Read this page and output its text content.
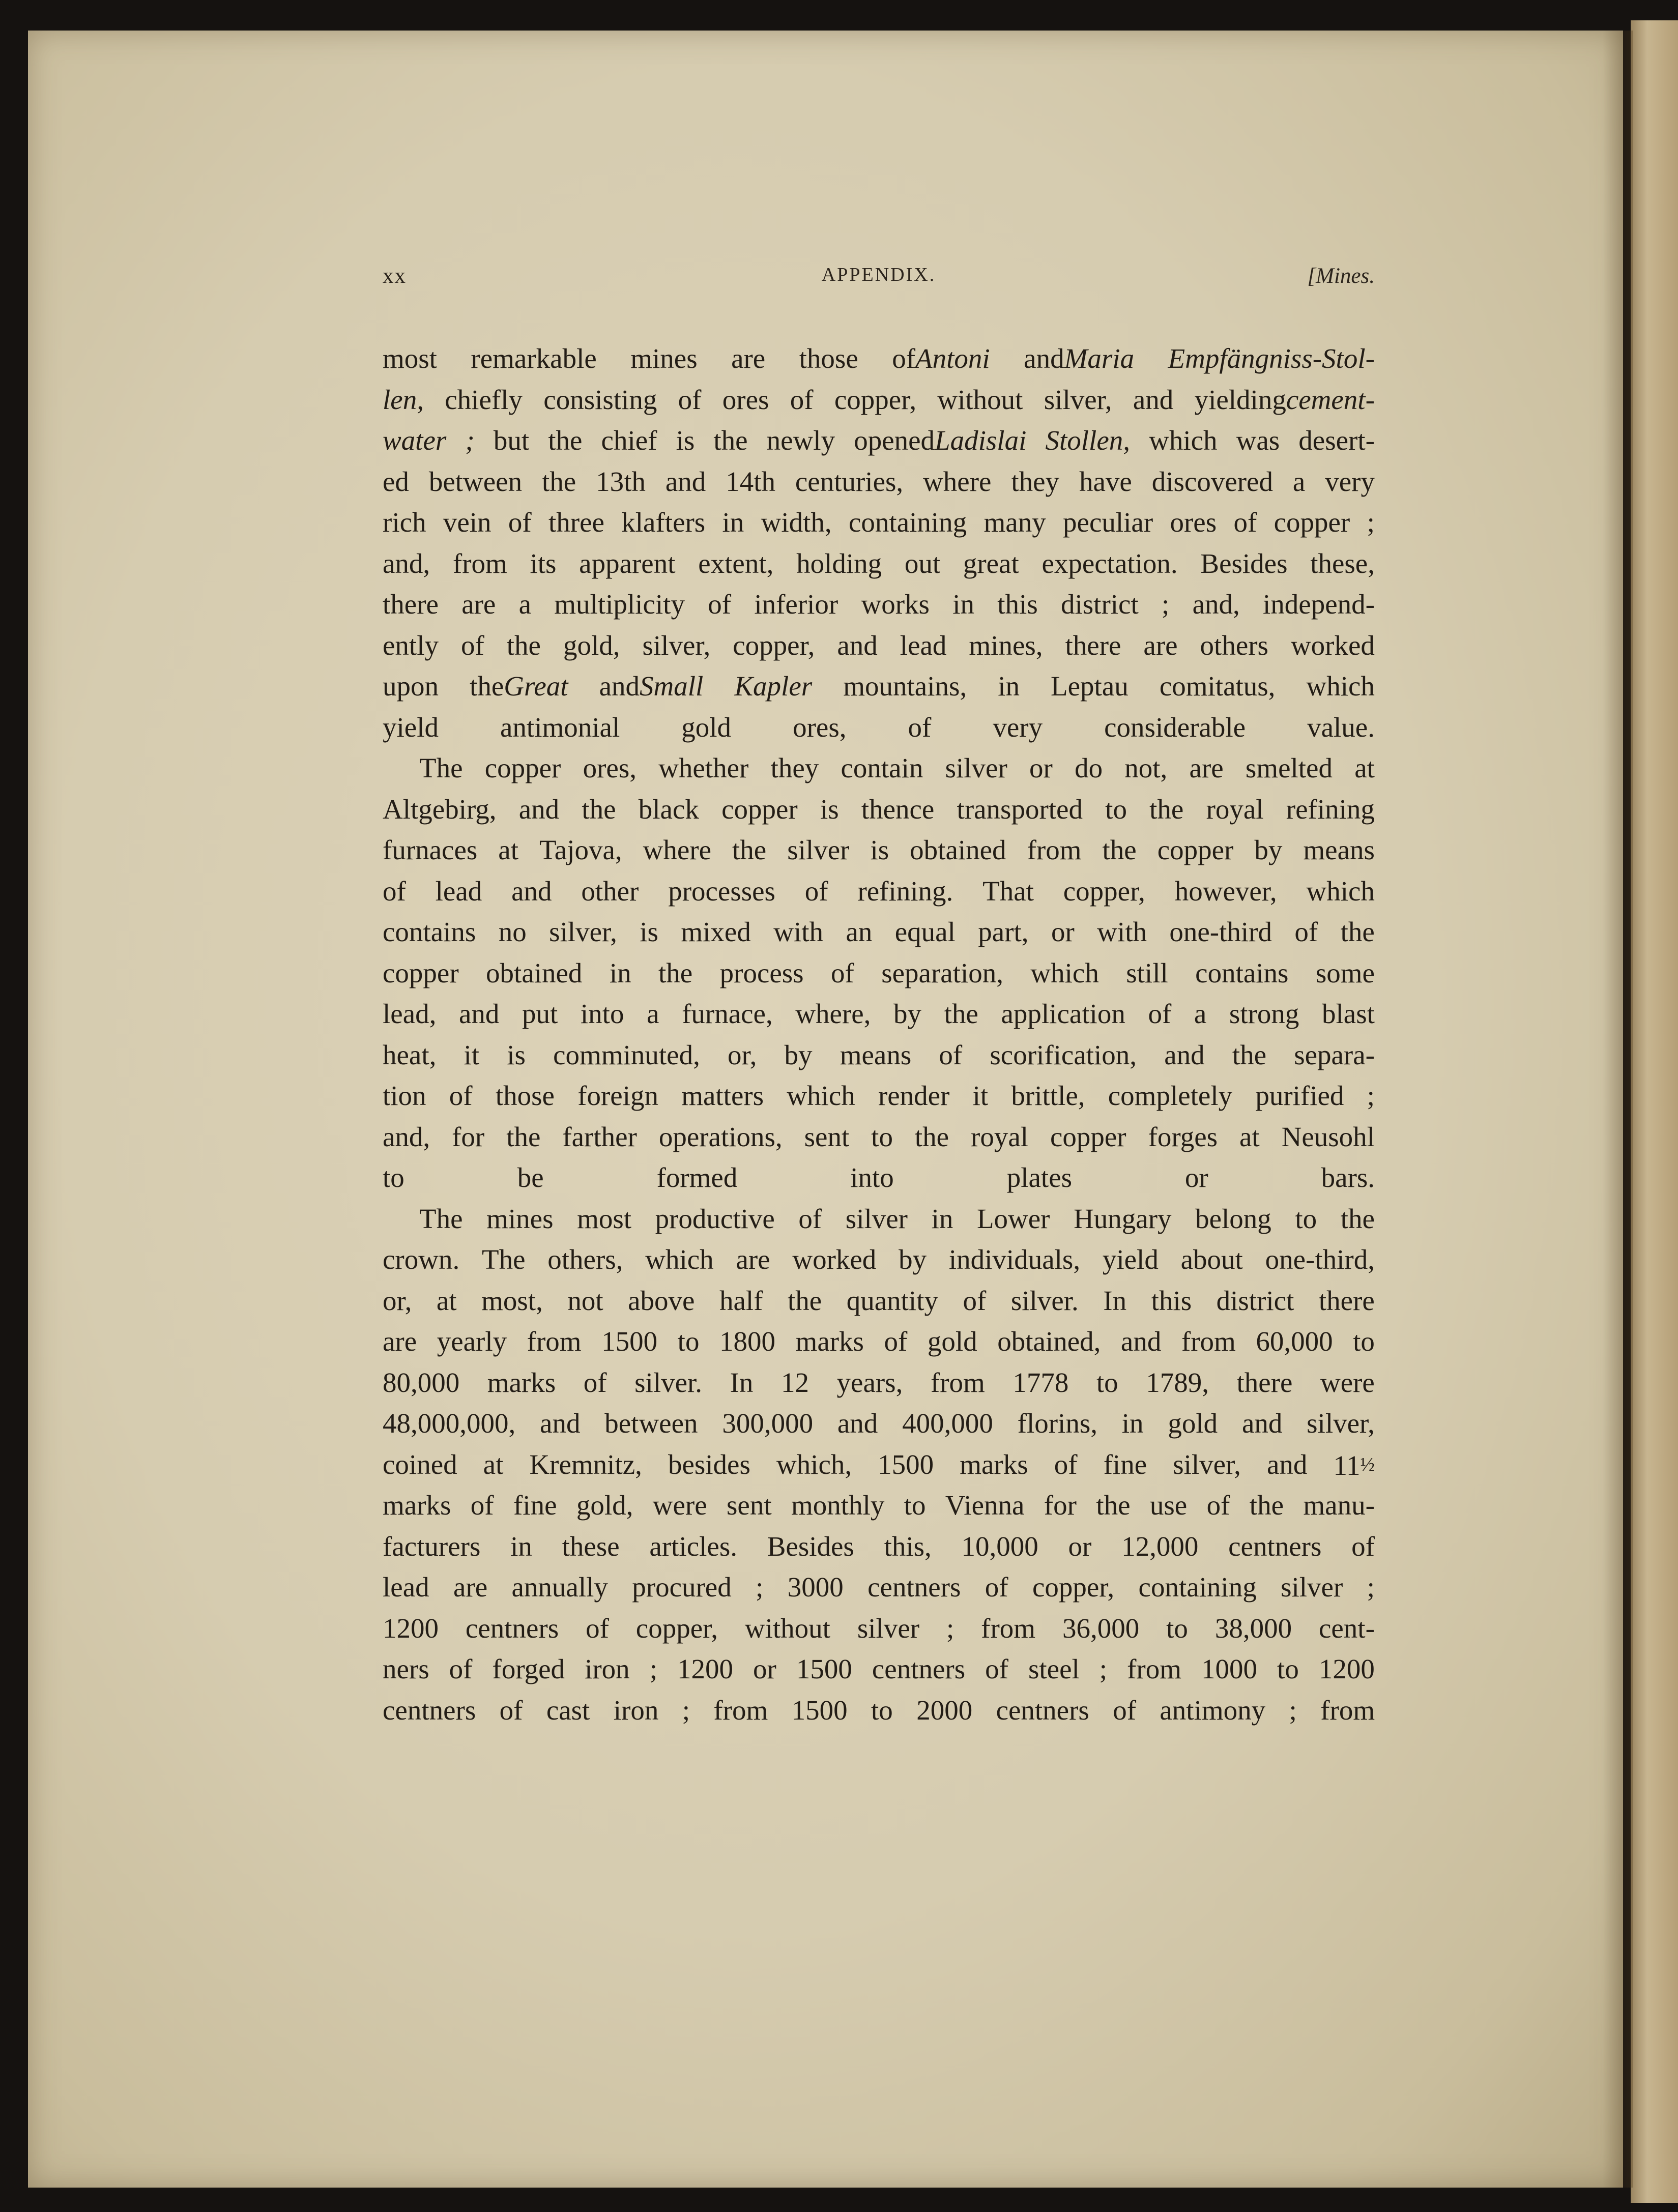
xx	APPENDIX.	[Mines.
most remarkable mines are those ofAntoni andMaria Empfängniss-Stol-
len, chiefly consisting of ores of copper, without silver, and yieldingcement-
water ; but the chief is the newly openedLadislai Stollen, which was desert-
ed between the 13th and 14th centuries, where they have discovered a very
rich vein of three klafters in width, containing many peculiar ores of copper ;
and, from its apparent extent, holding out great expectation. Besides these,
there are a multiplicity of inferior works in this district ; and, independ-
ently of the gold, silver, copper, and lead mines, there are others worked
upon theGreat andSmall Kapler mountains, in Leptau comitatus, which
yield antimonial gold ores, of very considerable value.
The copper ores, whether they contain silver or do not, are smelted at
Altgebirg, and the black copper is thence transported to the royal refining
furnaces at Tajova, where the silver is obtained from the copper by means
of lead and other processes of refining. That copper, however, which
contains no silver, is mixed with an equal part, or with one-third of the
copper obtained in the process of separation, which still contains some
lead, and put into a furnace, where, by the application of a strong blast
heat, it is comminuted, or, by means of scorification, and the separa-
tion of those foreign matters which render it brittle, completely purified ;
and, for the farther operations, sent to the royal copper forges at Neusohl
to	be	formed	into	plates	or	bars.
The mines most productive of silver in Lower Hungary belong to the
crown. The others, which are worked by individuals, yield about one-third,
or, at most, not above half the quantity of silver. In this district there
are yearly from 1500 to 1800 marks of gold obtained, and from 60,000 to
80,000 marks of silver. In 12 years, from 1778 to 1789, there were
48,000,000, and between 300,000 and 400,000 florins, in gold and silver,
coined at Kremnitz, besides which, 1500 marks of fine silver, and 11½
marks of fine gold, were sent monthly to Vienna for the use of the manu-
facturers in these articles. Besides this, 10,000 or 12,000 centners of
lead are annually procured ; 3000 centners of copper, containing silver ;
1200 centners of copper, without silver ; from 36,000 to 38,000 cent-
ners of forged iron ; 1200 or 1500 centners of steel ; from 1000 to 1200
centners of cast iron ; from 1500 to 2000 centners of antimony ; from
